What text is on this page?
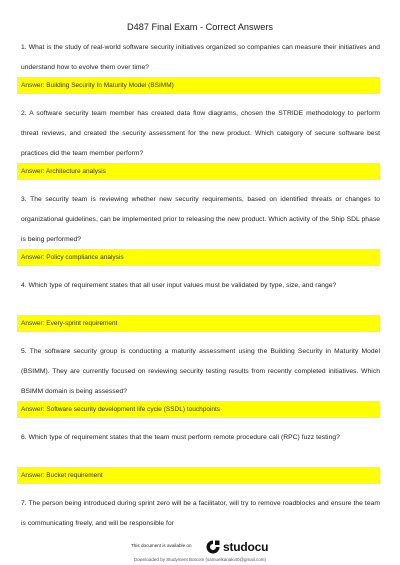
D487 Final Exam - Correct Answers
1. What is the study of real-world software security initiatives organized so companies can measure their initiatives and understand how to evolve them over time?
Answer: Building Security In Maturity Model (BSIMM)
2. A software security team member has created data flow diagrams, chosen the STRIDE methodology to perform threat reviews, and created the security assessment for the new product. Which category of secure software best practices did the team member perform?
Answer: Architecture analysis
3. The security team is reviewing whether new security requirements, based on identified threats or changes to organizational guidelines, can be implemented prior to releasing the new product. Which activity of the Ship SDL phase is being performed?
Answer: Policy compliance analysis
4. Which type of requirement states that all user input values must be validated by type, size, and range?
Answer: Every-sprint requirement
5. The software security group is conducting a maturity assessment using the Building Security in Maturity Model (BSIMM). They are currently focused on reviewing security testing results from recently completed initiatives. Which BSIMM domain is being assessed?
Answer: Software security development life cycle (SSDL) touchpoints
6. Which type of requirement states that the team must perform remote procedure call (RPC) fuzz testing?
Answer: Bucket requirement
7. The person being introduced during sprint zero will be a facilitator, will try to remove roadblocks and ensure the team is communicating freely, and will be responsible for
This document is available on	studocu
Downloaded by Studyment Botcom (samuelkanaki40@gmail.com)
